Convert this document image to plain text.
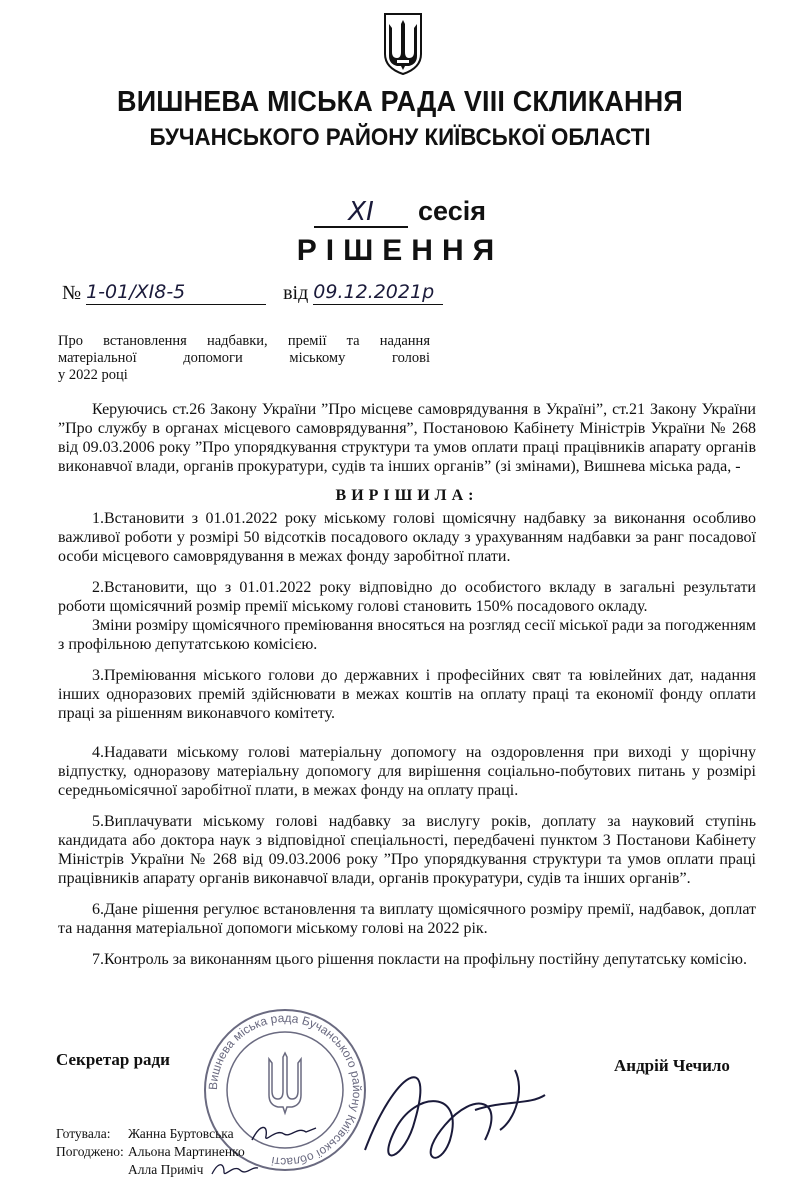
ВИШНЕВА МІСЬКА РАДА VIII СКЛИКАННЯ
БУЧАНСЬКОГО РАЙОНУ КИЇВСЬКОЇ ОБЛАСТІ
XI сесія
РІШЕННЯ
№ 1-01/XI8-5	від 09.12.2021р
Про встановлення надбавки, премії та надання
матеріальної допомоги міському голові
у 2022 році

Керуючись ст.26 Закону України ”Про місцеве самоврядування в Україні”, ст.21 Закону України ”Про службу в органах місцевого самоврядування”, Постановою Кабінету Міністрів України № 268 від 09.03.2006 року ”Про упорядкування структури та умов оплати праці працівників апарату органів виконавчої влади, органів прокуратури, судів та інших органів” (зі змінами), Вишнева міська рада, -

ВИРІШИЛА:

1.Встановити з 01.01.2022 року міському голові щомісячну надбавку за виконання особливо важливої роботи у розмірі 50 відсотків посадового окладу з урахуванням надбавки за ранг посадової особи місцевого самоврядування в межах фонду заробітної плати.

2.Встановити, що з 01.01.2022 року відповідно до особистого вкладу в загальні результати роботи щомісячний розмір премії міському голові становить 150% посадового окладу.

Зміни розміру щомісячного преміювання вносяться на розгляд сесії міської ради за погодженням з профільною депутатською комісією.

3.Преміювання міського голови до державних і професійних свят та ювілейних дат, надання інших одноразових премій здійснювати в межах коштів на оплату праці та економії фонду оплати праці за рішенням виконавчого комітету.

4.Надавати міському голові матеріальну допомогу на оздоровлення при виході у щорічну відпустку, одноразову матеріальну допомогу для вирішення соціально-побутових питань у розмірі середньомісячної заробітної плати, в межах фонду на оплату праці.

5.Виплачувати міському голові надбавку за вислугу років, доплату за науковий ступінь кандидата або доктора наук з відповідної спеціальності, передбачені пунктом 3 Постанови Кабінету Міністрів України № 268 від 09.03.2006 року ”Про упорядкування структури та умов оплати праці працівників апарату органів виконавчої влади, органів прокуратури, судів та інших органів”.

6.Дане рішення регулює встановлення та виплату щомісячного розміру премії, надбавок, доплат та надання матеріальної допомоги міському голові на 2022 рік.

7.Контроль за виконанням цього рішення покласти на профільну постійну депутатську комісію.

Вишнева міська рада Бучанського району Київської області
Секретар ради	Андрій Чечило
Готувала: Жанна Буртовська
Погоджено: Альона Мартиненко
Алла Приміч
